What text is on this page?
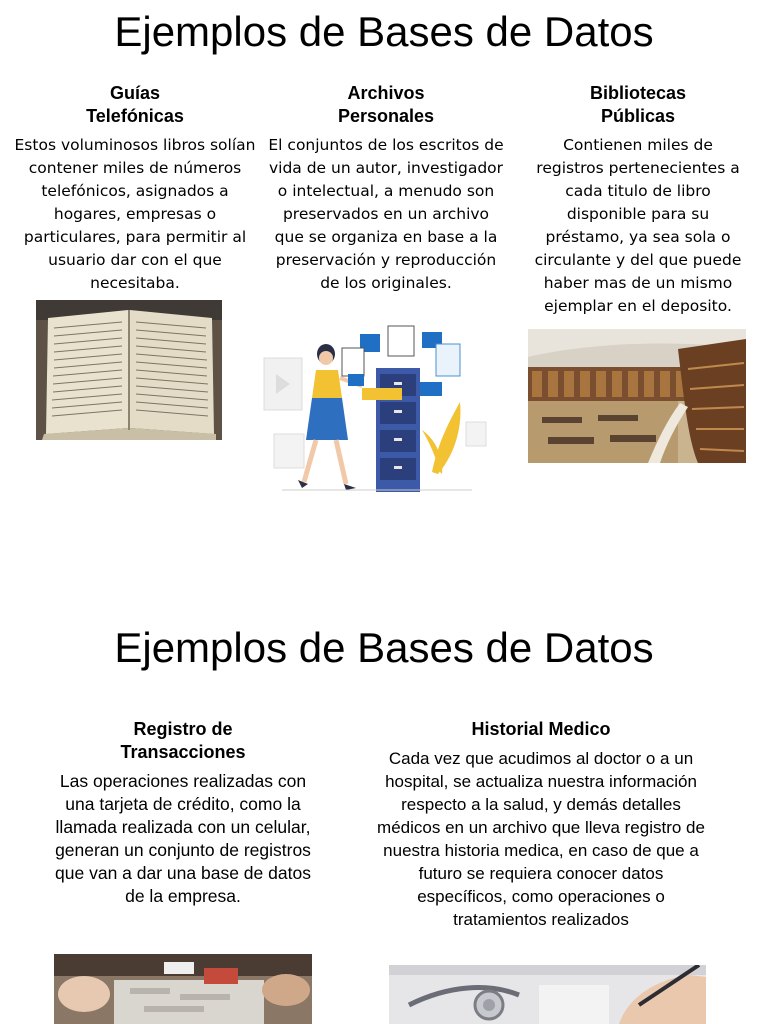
Ejemplos de Bases de Datos
Guías
Telefónicas
Estos voluminosos libros solían contener miles de números telefónicos, asignados a hogares, empresas o particulares, para permitir al usuario dar con el que necesitaba.
Archivos
Personales
El conjuntos de los escritos de vida de un autor, investigador o intelectual, a menudo son preservados en un archivo que se organiza en base a la preservación y reproducción de los originales.
Bibliotecas
Públicas
Contienen miles de registros pertenecientes a cada titulo de libro disponible para su préstamo, ya sea sola o circulante y del que puede haber mas de un mismo ejemplar en el deposito.
Ejemplos de Bases de Datos
Registro de
Transacciones
Las operaciones realizadas con una tarjeta de crédito, como la llamada realizada con un celular, generan un conjunto de registros que van a dar una base de datos de la empresa.
Historial Medico
Cada vez que acudimos al doctor o a un hospital, se actualiza nuestra información respecto a la salud, y demás detalles médicos en un archivo que lleva registro de nuestra historia medica, en caso de que a futuro se requiera conocer datos específicos, como operaciones o tratamientos realizados
